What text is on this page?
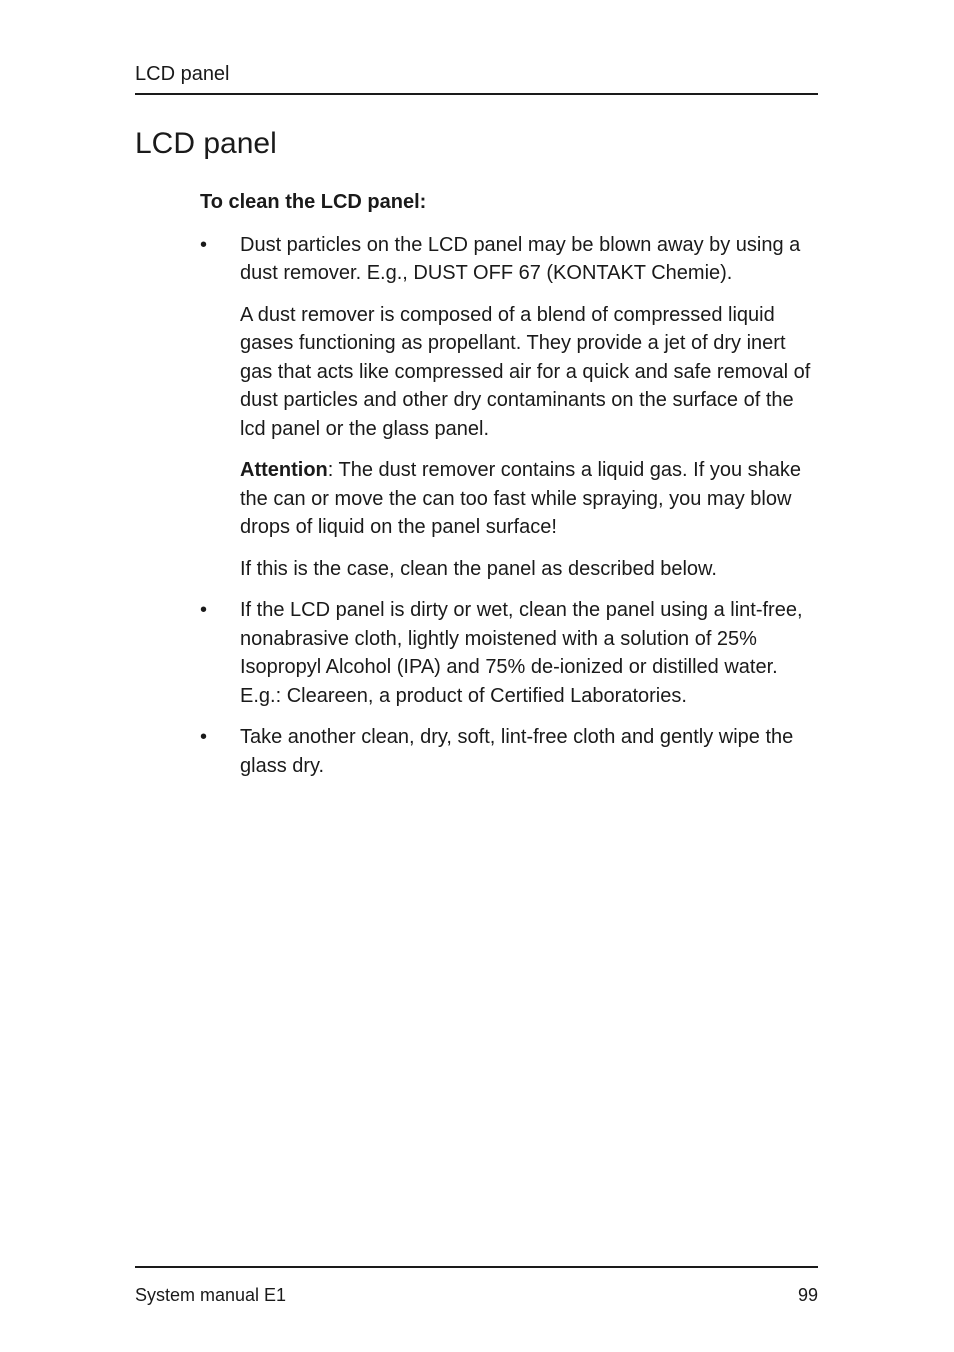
LCD panel
LCD panel

To clean the LCD panel:

• Dust particles on the LCD panel may be blown away by using a dust remover. E.g., DUST OFF 67 (KONTAKT Chemie).

A dust remover is composed of a blend of compressed liquid gases functioning as propellant. They provide a jet of dry inert gas that acts like compressed air for a quick and safe removal of dust particles and other dry contaminants on the surface of the lcd panel or the glass panel.

Attention: The dust remover contains a liquid gas. If you shake the can or move the can too fast while spraying, you may blow drops of liquid on the panel surface!

If this is the case, clean the panel as described below.

• If the LCD panel is dirty or wet, clean the panel using a lint-free, nonabrasive cloth, lightly moistened with a solution of 25% Isopropyl Alcohol (IPA) and 75% de-ionized or distilled water. E.g.: Cleareen, a product of Certified Laboratories.

• Take another clean, dry, soft, lint-free cloth and gently wipe the glass dry.

System manual E1	99
